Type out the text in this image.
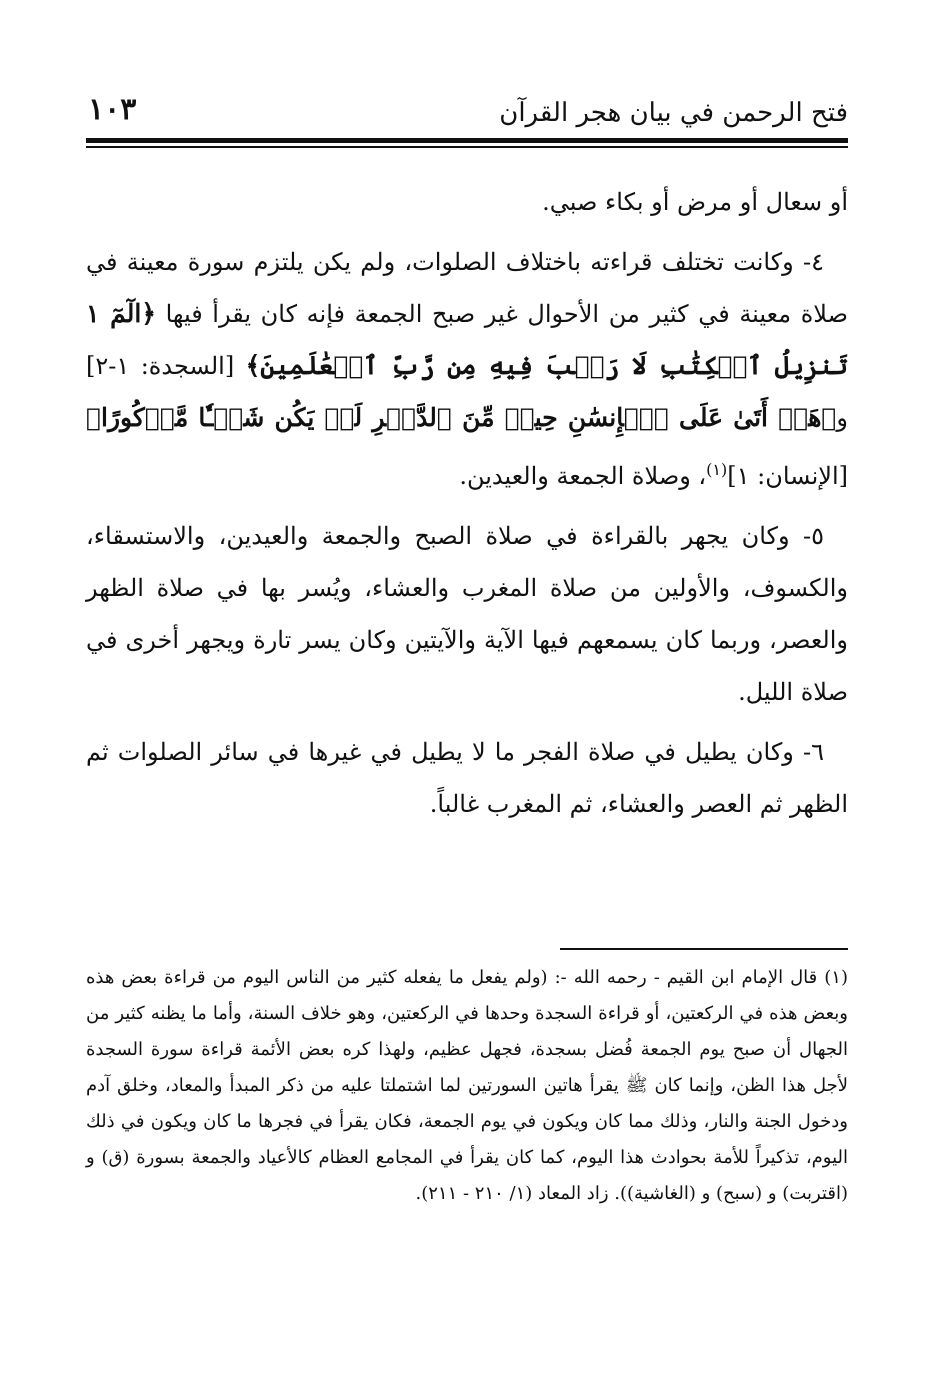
فتح الرحمن في بيان هجر القرآن
١٠٣

أو سعال أو مرض أو بكاء صبي.

٤- وكانت تختلف قراءته باختلاف الصلوات، ولم يكن يلتزم سورة معينة في صلاة معينة في كثير من الأحوال غير صبح الجمعة فإنه كان يقرأ فيها ﴿الٓمٓ ١ تَنزِيلُ ٱلۡكِتَٰبِ لَا رَيۡبَ فِيهِ مِن رَّبِّ ٱلۡعَٰلَمِينَ﴾ [السجدة: ١-٢] و﴿هَلۡ أَتَىٰ عَلَى ٱلۡإِنسَٰنِ حِينٞ مِّنَ ٱلدَّهۡرِ لَمۡ يَكُن شَيۡـٔٗا مَّذۡكُورًا﴾ [الإنسان: ١]$^{(١)}$، وصلاة الجمعة والعيدين.

٥- وكان يجهر بالقراءة في صلاة الصبح والجمعة والعيدين، والاستسقاء، والكسوف، والأولين من صلاة المغرب والعشاء، ويُسر بها في صلاة الظهر والعصر، وربما كان يسمعهم فيها الآية والآيتين وكان يسر تارة ويجهر أخرى في صلاة الليل.

٦- وكان يطيل في صلاة الفجر ما لا يطيل في غيرها في سائر الصلوات ثم الظهر ثم العصر والعشاء، ثم المغرب غالباً.

(١) قال الإمام ابن القيم - رحمه الله -: (ولم يفعل ما يفعله كثير من الناس اليوم من قراءة بعض هذه وبعض هذه في الركعتين، أو قراءة السجدة وحدها في الركعتين، وهو خلاف السنة، وأما ما يظنه كثير من الجهال أن صبح يوم الجمعة فُضل بسجدة، فجهل عظيم، ولهذا كره بعض الأئمة قراءة سورة السجدة لأجل هذا الظن، وإنما كان ﷺ يقرأ هاتين السورتين لما اشتملتا عليه من ذكر المبدأ والمعاد، وخلق آدم ودخول الجنة والنار، وذلك مما كان ويكون في يوم الجمعة، فكان يقرأ في فجرها ما كان ويكون في ذلك اليوم، تذكيراً للأمة بحوادث هذا اليوم، كما كان يقرأ في المجامع العظام كالأعياد والجمعة بسورة (ق) و (اقتربت) و (سبح) و (الغاشية)). زاد المعاد (١/ ٢١٠ - ٢١١).
